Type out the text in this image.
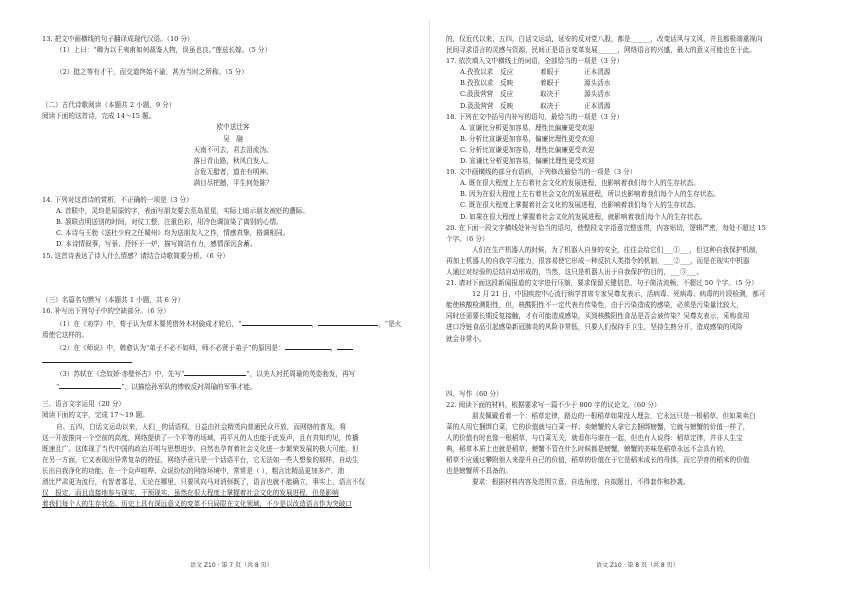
13. 把文中画横线的句子翻译成现代汉语。（10 分）
（1）上曰：“卿为以王夷甫如何裁鉴人物，误虽也良。”莲兹长嫁。（5 分）
（2）挺之等有才干，而交道终始不渝，甚为当时之所称。（5 分）
（二）古代诗歌阅读（本题共 2 小题，9 分）
阅读下面的这首诗，完成 14～15 题。
欧中送迁客
吴　融
天南不可去，君去泪流沩。
落日青山路，秋风白发人。
言危无腊者，道在有明神。
满目尽把撼，平生何处陈？
14. 下列对这首诗的赏析，不正确的一项是（3 分）
A. 首联中，灵均是屈原的字，表面写朋友要去荒岛星星，实际上暗示朋友被贬的遭际。
B. 颔联点明送别的时间，对仗工整，注重色彩，用冷色调渲染了离别的心情。
C. 本诗与王勃《送杜少府之任蜀州》均为送朋友入之作，情感真挚，格调相同。
D. 本诗情叙事，写景、抒怀于一炉，描写简洁有力，感情深沉含蓄。
15. 这首诗表达了诗人什么情感？请结合诗歌简要分析。（6 分）
（三）名篇名句默写（本题共 1 小题，共 6 分）
16. 补写出下列句子中的空缺部分。（6 分）
（1）在《劝学》中，荀子认为草木要凭借外木材偷成才轮后，“	，	，“是火
焉使它这样的。
（2）在《师说》中，韩愈认为“弟子不必不如师，师不必贤于弟子”的原因是：	，
（3）苏轼在《念奴娇·赤壁怀古》中，先写“	”，以美人衬托周瑜的英姿勃发，再写
“	”，以描绘孙军队的惨败反衬周瑜的军事才能。
三、语言文字运用（20 分）
阅读下面的文字，完成 17～19 题。
自、五四，白话文运动以来，人们__的话语权，日益由社会精英向普通民众开放，而网络的普及，将
这一开放推向一个空前的高度，网络提供了一个平等的场域，再平凡的人也能于此发声，且有真知灼见，传播
既速且广。这体现了当代中国的政治开明与思想进步，自然也孕育着社会文化进一步繁荣发展的极大可能，但
在另一方面，它又表现出异常复杂的特征，网络毕竟只是一个话语平台，它无法如一些人想象的那样，自动生
长出自我净化的功能，在一个众声喧哗、众说纷纭的网络环境中，常常是（ ），粗言比精品更加多产，油
滑比严肃更为流行，有智者寡足，无论在哪里，只要风向马对消弭既了，语言也就不能确立，事实上，语言不仅
仅__报定，而且直接地参与现实，干预现实，虽然在很大程度上掌握着社会文化的发展进程，但是影响
着我们每个人的生存状态。历史上具有深远意义的变革不只局限在文化领域，不少是以改造语言作为突破口
的，仅近代以来，五四，白话文运动，延安的反对党八股，都是______，改变话风与文风，并且都极端重视向
民间寻求语言的灵感与资源，民间正是语言变革发展______，网络语言的兴盛，最大的意义可能也在于此。
17. 依次填入文中横线上的词语，全部恰当的一项是（3 分）
A.孜孜以求	反应	着眼于	正本清源
B.孜孜以求	反映	着眼于	源头活水
C.汲汲营营	反应	取决于	源头活水
D.汲汲营营 反映	取决于	正本清源
18. 下列在文中括号内补写的语句，最恰当的一项是（3 分）
A. 宣谦比分析更加容易，理性比偏廉更受欢迎
B. 分析比宣谦更加容易，偏廉比理性更受欢迎
C. 分析比宣谦更加容易，理性比偏廉更受欢迎
D. 宣谦比分析更加容易，偏廉比理性更受欢迎
19. 文中画横线的部分有语病，下列修改最恰当的一项是（3 分）
A. 既在很大程度上左右着社会文化的发展进程，也影响着我们每个人的生存状态。
B. 因为在很大程度上左右着社会文化的发展进程，所以也影响着我们每个人的生存状态。
C. 既在很大程度上掌握着社会文化的发展进程，也影响着我们每个人的生存状态。
D. 如果在很大程度上掌握着社会文化的发展进程，就影响着我们每个人的生存状态。
20. 在下面一段文字横线处补写恰当的语句，使整段文字语意完整连贯，内容贴切，逻辑严密，每处不超过 15
个字。（6 分）
人们在生产机器人的时候，为了机器人自身的安全，往往会给它们___①___，但这种自我保护机制，
再加上机器人的自我学习能力，很容易使它形成一种反抗人类指令的机制，___②___，而是在现实中机器
人通过对经验的总结自动形成的，当然，这只是机器人出于自我保护的目的，___③___。
21. 请对下面这段新闻报道的文字进行压缩，要求保留关键信息，句子简洁流畅，不超过 50 个字。（5 分）
12 月 21 日，中国疾控中心流行病学首席专家吴尊友表示，活病毒、死病毒、病毒的片段检测，都可
能使核酸检测阳性，但，核酸阳性不一定代表有传染性，由于污染造成的感染，必须是污染量比较大，
同时还需要长期反复接触，才有可能造成感染，买到核酸阳性食品是否会被传染？吴尊友表示，采购食用
进口冷链食品引起感染新冠肺炎的风险非常低，只要人们保持手卫生，坚持生熟分开，造成感染的风险
就会非常小。
四、写作（60 分）
22. 阅读下面的材料，根据要求写一篇不少于 800 字的议论文。（60 分）
朋友佩戴看着一个：稻草定律，路边的一根稻草如果没人理会，它永远只是一根稻草，但如果卖白
菜的人用它捆绑白菜，它的价值就与白菜一样；卖螃蟹的人拿它去捆绑螃蟹，它就与螃蟹的价值一样了，
人的价值有时也像一根稻草，与白菜无关，就看你与谁在一起，但也有人说得：稻草定律，并非人生宝
典，稻草本质上也就是稻草，螃蟹不管在什么时候都是螃蟹，螃蟹的美味是稻草永远不会具有的，
稻草不应通过攀附他人来提升自己的价值，稻草的价值在于它是稻米成长的母体，而它孕育的稻米的价值
也是螃蟹所不具备的。
要求：根据材料内容及范围立意，自选角度，自拟题目，不得套作和抄袭。
语文 Z10 · 第 7 页（共 8 页）	语文 Z10 · 第 8 页（共 8 页）
